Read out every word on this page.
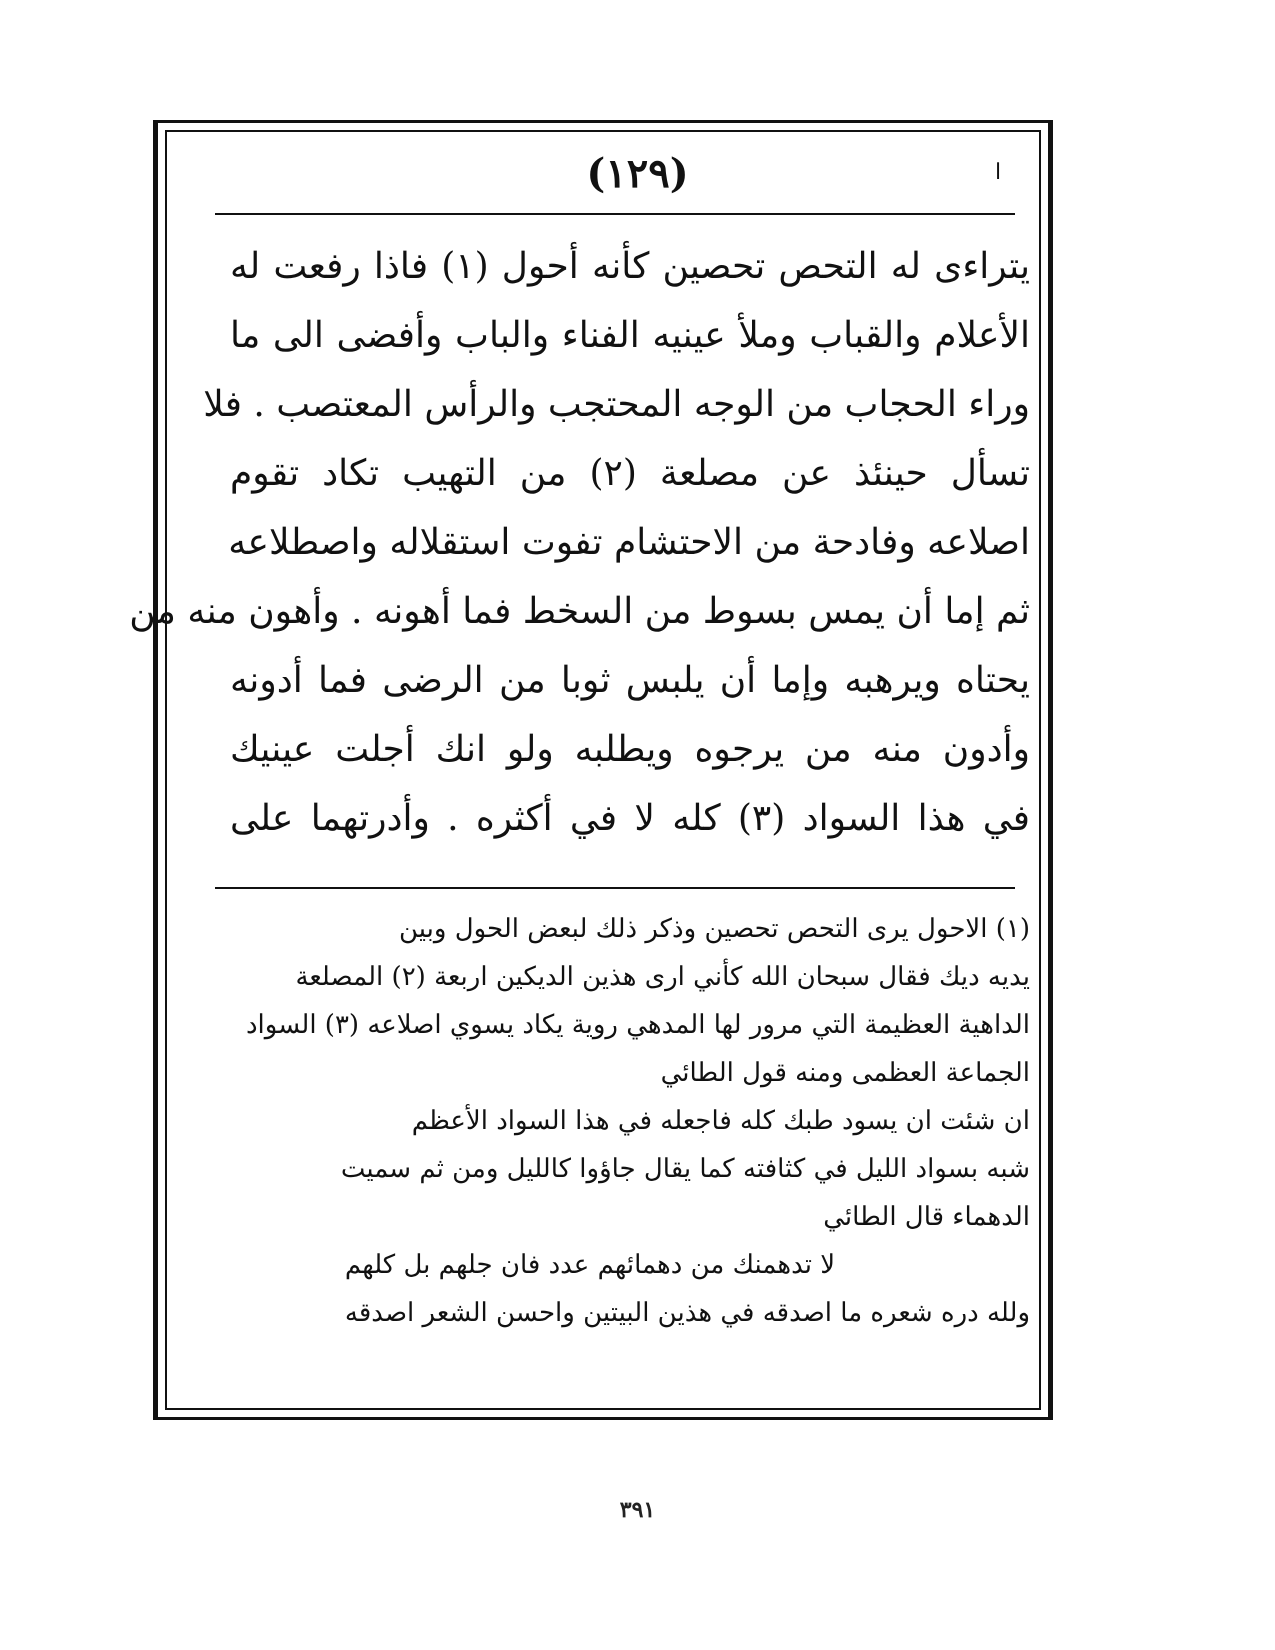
(١٢٩)	ا
يتراءى له التحص تحصين كأنه أحول (١) فاذا رفعت له
الأعلام والقباب وملأ عينيه الفناء والباب وأفضى الى ما
وراء الحجاب من الوجه المحتجب والرأس المعتصب . فلا
تسأل حينئذ عن مصلعة (٢) من التهيب تكاد تقوم
اصلاعه وفادحة من الاحتشام تفوت استقلاله واصطلاعه
ثم إما أن يمس بسوط من السخط فما أهونه . وأهون منه من
يحتاه ويرهبه وإما أن يلبس ثوبا من الرضى فما أدونه
وأدون منه من يرجوه ويطلبه ولو انك أجلت عينيك
في هذا السواد (٣) كله لا في أكثره . وأدرتهما على
(١) الاحول يرى التحص تحصين وذكر ذلك لبعض الحول وبين
يديه ديك فقال سبحان الله كأني ارى هذين الديكين اربعة (٢) المصلعة
الداهية العظيمة التي مرور لها المدهي روية يكاد يسوي اصلاعه (٣) السواد
الجماعة العظمى ومنه قول الطائي
ان شئت ان يسود طبك كله فاجعله في هذا السواد الأعظم
شبه بسواد الليل في كثافته كما يقال جاؤوا كالليل ومن ثم سميت
الدهماء قال الطائي
لا تدهمنك من دهمائهم عدد فان جلهم بل كلهم
ولله دره شعره ما اصدقه في هذين البيتين واحسن الشعر اصدقه
٣٩١
